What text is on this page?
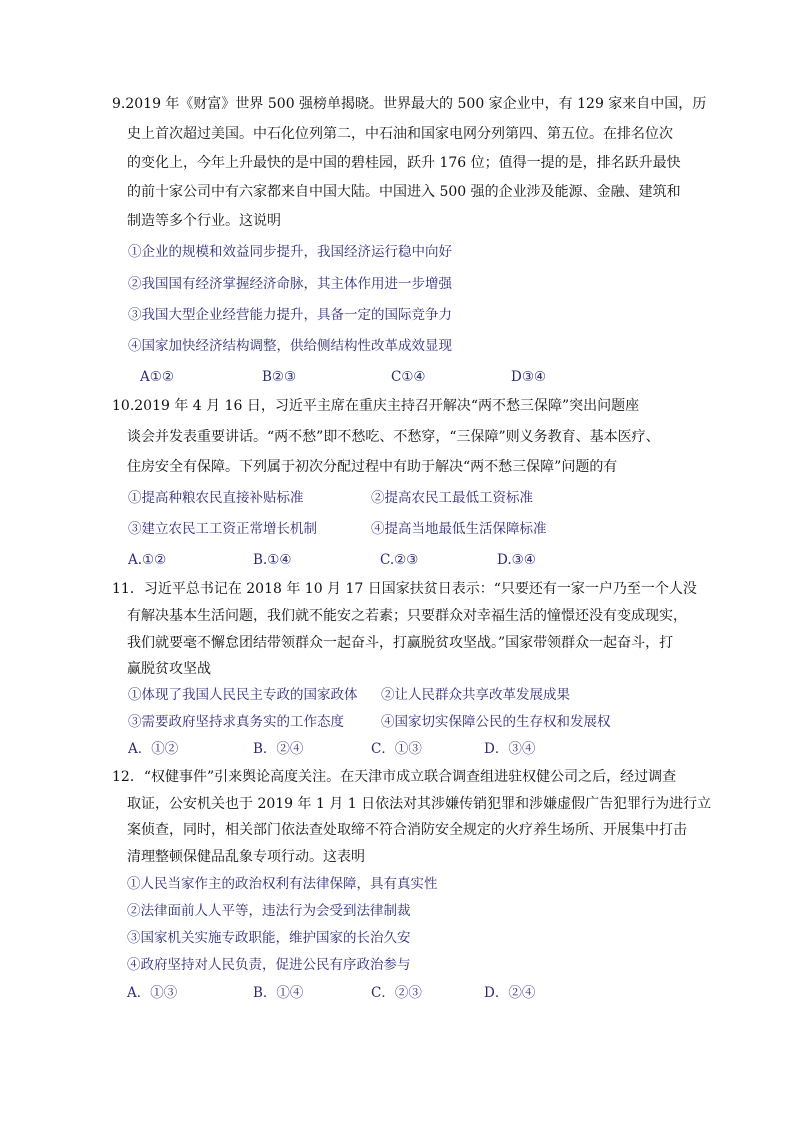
9.2019 年《财富》世界 500 强榜单揭晓。世界最大的 500 家企业中，有 129 家来自中国，历
史上首次超过美国。中石化位列第二，中石油和国家电网分列第四、第五位。在排名位次
的变化上，今年上升最快的是中国的碧桂园，跃升 176 位；值得一提的是，排名跃升最快
的前十家公司中有六家都来自中国大陆。中国进入 500 强的企业涉及能源、金融、建筑和
制造等多个行业。这说明
①企业的规模和效益同步提升，我国经济运行稳中向好
②我国国有经济掌握经济命脉，其主体作用进一步增强
③我国大型企业经营能力提升，具备一定的国际竞争力
④国家加快经济结构调整，供给侧结构性改革成效显现
A①②	B②③	C①④	D③④
10.2019 年 4 月 16 日，习近平主席在重庆主持召开解决“两不愁三保障”突出问题座
谈会并发表重要讲话。“两不愁”即不愁吃、不愁穿，“三保障”则义务教育、基本医疗、
住房安全有保障。下列属于初次分配过程中有助于解决“两不愁三保障”问题的有
①提高种粮农民直接补贴标准	②提高农民工最低工资标准
③建立农民工工资正常增长机制	④提高当地最低生活保障标准
A.①②	B.①④	C.②③	D.③④
11．习近平总书记在 2018 年 10 月 17 日国家扶贫日表示：“只要还有一家一户乃至一个人没
有解决基本生活问题，我们就不能安之若素；只要群众对幸福生活的憧憬还没有变成现实，
我们就要毫不懈怠团结带领群众一起奋斗，打赢脱贫攻坚战。”国家带领群众一起奋斗，打
赢脱贫攻坚战
①体现了我国人民民主专政的国家政体 ②让人民群众共享改革发展成果
③需要政府坚持求真务实的工作态度	④国家切实保障公民的生存权和发展权
A．①②	B．②④	C．①③	D．③④
12．“权健事件”引来舆论高度关注。在天津市成立联合调查组进驻权健公司之后，经过调查
取证，公安机关也于 2019 年 1 月 1 日依法对其涉嫌传销犯罪和涉嫌虚假广告犯罪行为进行立
案侦查，同时，相关部门依法查处取缔不符合消防安全规定的火疗养生场所、开展集中打击
清理整顿保健品乱象专项行动。这表明
①人民当家作主的政治权利有法律保障，具有真实性
②法律面前人人平等，违法行为会受到法律制裁
③国家机关实施专政职能，维护国家的长治久安
④政府坚持对人民负责，促进公民有序政治参与
A．①③	B．①④	C．②③	D．②④
